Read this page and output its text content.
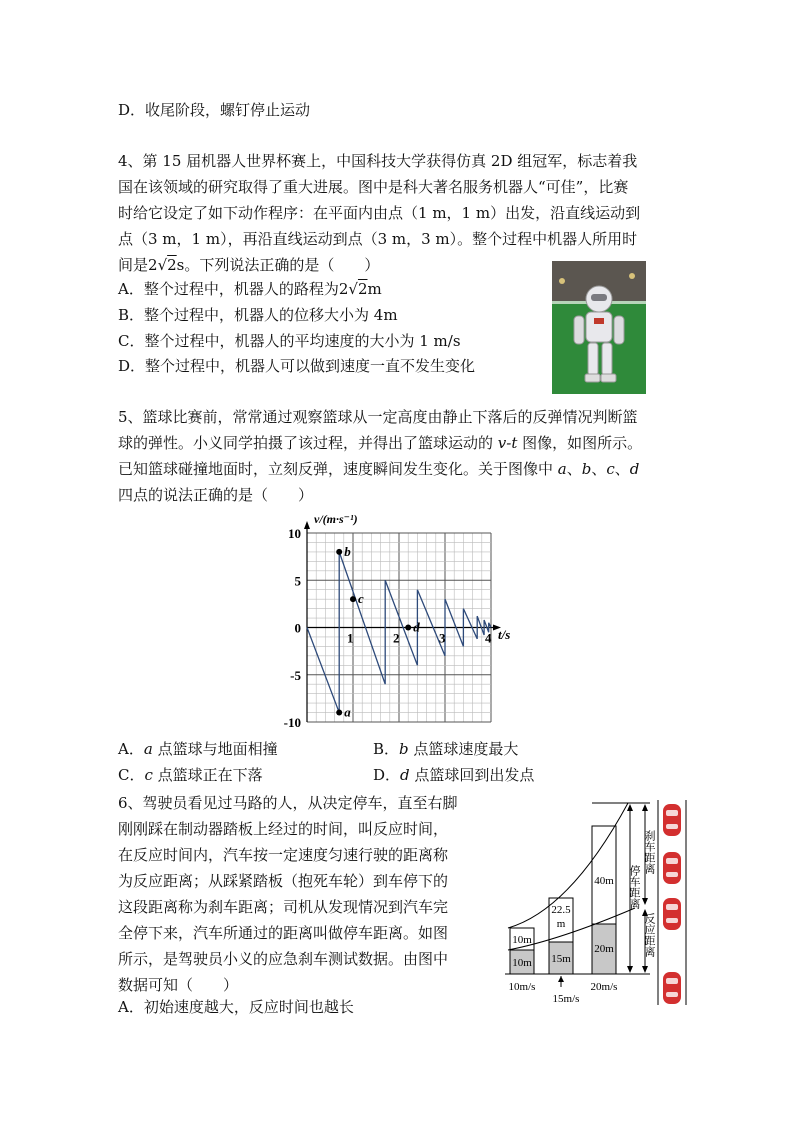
D．收尾阶段，螺钉停止运动
4、第 15 届机器人世界杯赛上，中国科技大学获得仿真 2D 组冠军，标志着我
国在该领域的研究取得了重大进展。图中是科大著名服务机器人“可佳”，比赛
时给它设定了如下动作程序：在平面内由点（1 m，1 m）出发，沿直线运动到
点（3 m，1 m），再沿直线运动到点（3 m，3 m）。整个过程中机器人所用时
间是2√2s。下列说法正确的是（　　）
A．整个过程中，机器人的路程为2√2m
B．整个过程中，机器人的位移大小为 4m
C．整个过程中，机器人的平均速度的大小为 1 m/s
D．整个过程中，机器人可以做到速度一直不发生变化
5、篮球比赛前，常常通过观察篮球从一定高度由静止下落后的反弹情况判断篮
球的弹性。小义同学拍摄了该过程，并得出了篮球运动的 v-t 图像，如图所示。
已知篮球碰撞地面时，立刻反弹，速度瞬间发生变化。关于图像中 a、b、c、d
四点的说法正确的是（　　）
a
b
c
d
10
5
0
-5
-10
1	2	3	4
v/(m·s⁻¹)
t/s
A．a 点篮球与地面相撞	B．b 点篮球速度最大
C．c 点篮球正在下落	D．d 点篮球回到出发点
6、驾驶员看见过马路的人，从决定停车，直至右脚
刚刚踩在制动器踏板上经过的时间，叫反应时间，
在反应时间内，汽车按一定速度匀速行驶的距离称
为反应距离；从踩紧踏板（抱死车轮）到车停下的
这段距离称为刹车距离；司机从发现情况到汽车完
全停下来，汽车所通过的距离叫做停车距离。如图
所示，是驾驶员小义的应急刹车测试数据。由图中
数据可知（　　）
A．初始速度越大，反应时间也越长
10m
10m
22.5
m
15m
40m
20m
刹车距离
停车距离
反应距离
10m/s
15m/s
20m/s
